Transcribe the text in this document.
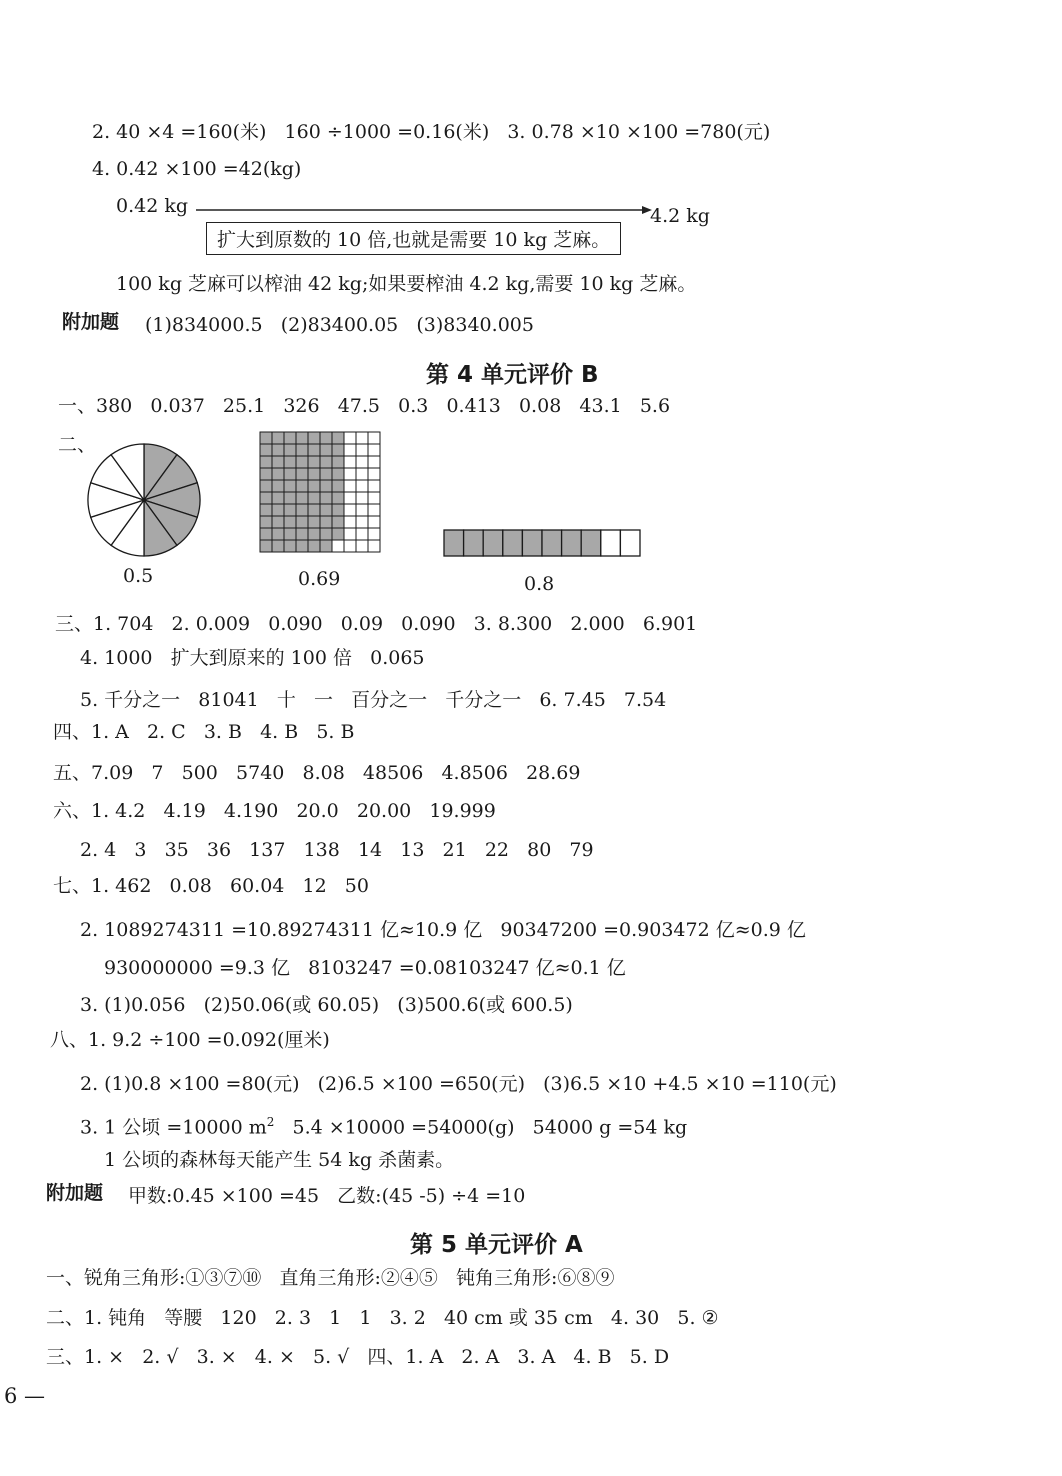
2. 40 ×4 =160(米)   160 ÷1000 =0.16(米)   3. 0.78 ×10 ×100 =780(元)
4. 0.42 ×100 =42(kg)
0.42 kg	4.2 kg
扩大到原数的 10 倍,也就是需要 10 kg 芝麻。
100 kg 芝麻可以榨油 42 kg;如果要榨油 4.2 kg,需要 10 kg 芝麻。
附加题 (1)834000.5   (2)83400.05   (3)8340.005
第 4 单元评价 B
一、380   0.037   25.1   326   47.5   0.3   0.413   0.08   43.1   5.6
二、
0.5	0.69	0.8
三、1. 704   2. 0.009   0.090   0.09   0.090   3. 8.300   2.000   6.901
4. 1000   扩大到原来的 100 倍   0.065
5. 千分之一   81041   十   一   百分之一   千分之一   6. 7.45   7.54
四、1. A   2. C   3. B   4. B   5. B
五、7.09   7   500   5740   8.08   48506   4.8506   28.69
六、1. 4.2   4.19   4.190   20.0   20.00   19.999
2. 4   3   35   36   137   138   14   13   21   22   80   79
七、1. 462   0.08   60.04   12   50
2. 1089274311 =10.89274311 亿≈10.9 亿   90347200 =0.903472 亿≈0.9 亿
930000000 =9.3 亿   8103247 =0.08103247 亿≈0.1 亿
3. (1)0.056   (2)50.06(或 60.05)   (3)500.6(或 600.5)
八、1. 9.2 ÷100 =0.092(厘米)
2. (1)0.8 ×100 =80(元)   (2)6.5 ×100 =650(元)   (3)6.5 ×10 +4.5 ×10 =110(元)
3. 1 公顷 =10000 $m^2$   5.4 ×10000 =54000(g)   54000 g =54 kg
1 公顷的森林每天能产生 54 kg 杀菌素。
附加题 甲数:0.45 ×100 =45   乙数:(45 -5) ÷4 =10
第 5 单元评价 A
一、锐角三角形:①③⑦⑩   直角三角形:②④⑤   钝角三角形:⑥⑧⑨
二、1. 钝角   等腰   120   2. 3   1   1   3. 2   40 cm 或 35 cm   4. 30   5. ②
三、1. ×   2. √   3. ×   4. ×   5. √   四、1. A   2. A   3. A   4. B   5. D
6 —
